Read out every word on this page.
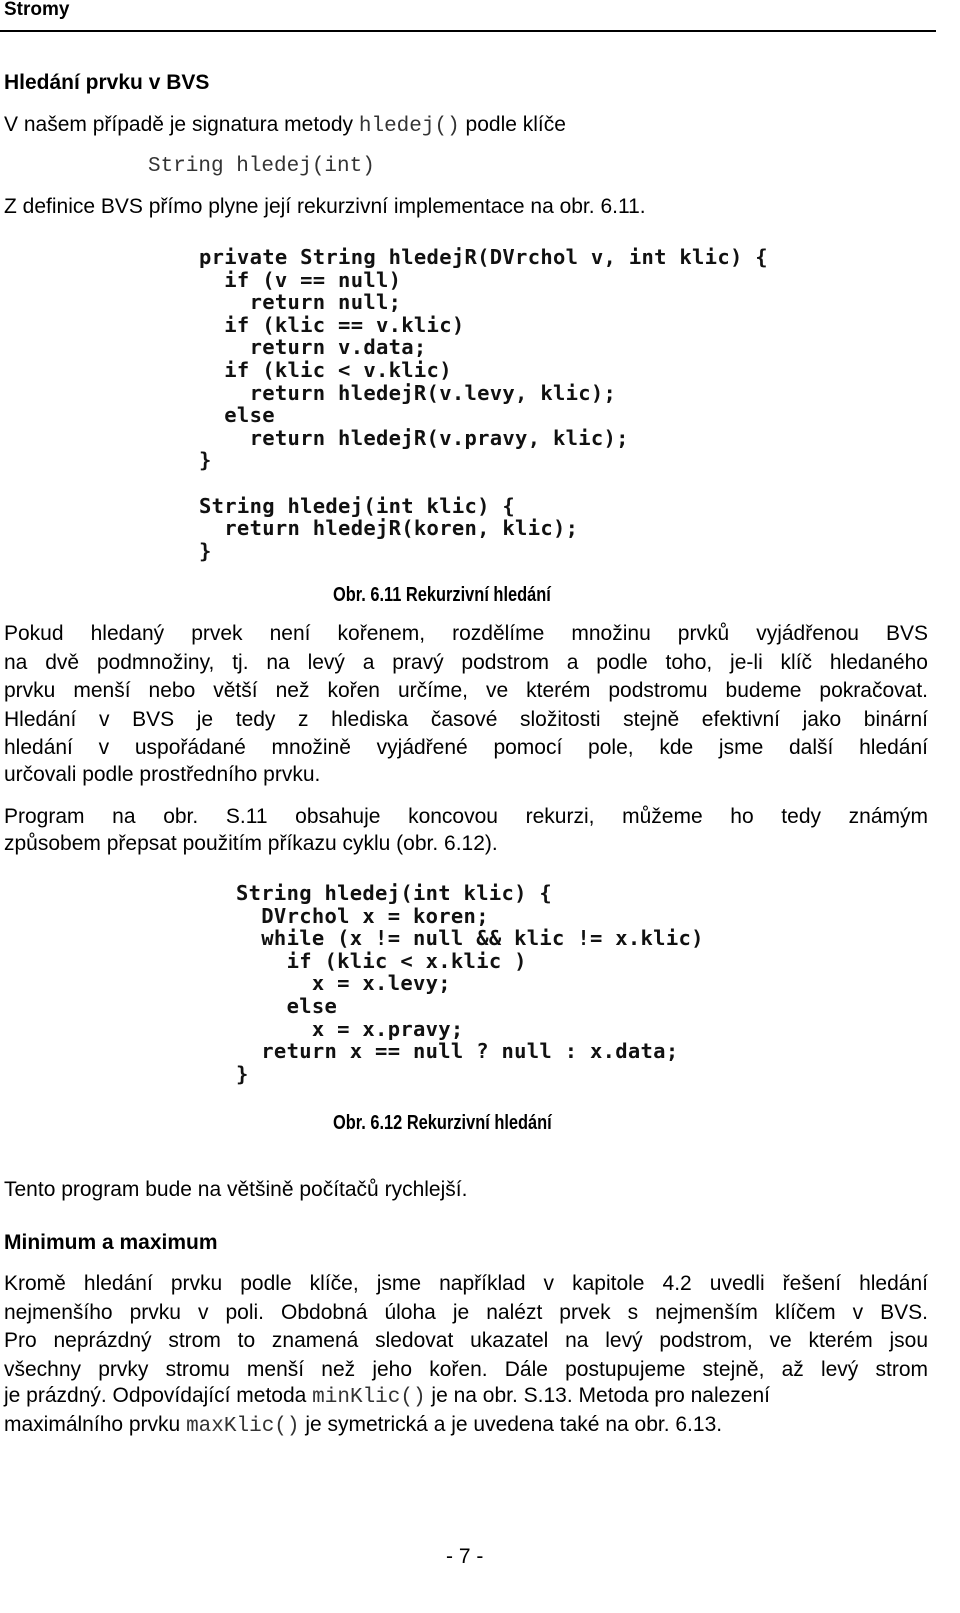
Stromy
Hledání prvku v BVS
V našem případě je signatura metody hledej() podle klíče
String hledej(int)
Z definice BVS přímo plyne její rekurzivní implementace na obr. 6.11.
private String hledejR(DVrchol v, int klic) {
if (v == null)
return null;
if (klic == v.klic)
return v.data;
if (klic < v.klic)
return hledejR(v.levy, klic);
else
return hledejR(v.pravy, klic);
}

String hledej(int klic) {
return hledejR(koren, klic);
}
Obr. 6.11 Rekurzivní hledání
Pokud hledaný prvek není kořenem, rozdělíme množinu prvků vyjádřenou BVS
na dvě podmnožiny, tj. na levý a pravý podstrom a podle toho, je-li klíč hledaného
prvku menší nebo větší než kořen určíme, ve kterém podstromu budeme pokračovat.
Hledání v BVS je tedy z hlediska časové složitosti stejně efektivní jako binární
hledání v uspořádané množině vyjádřené pomocí pole, kde jsme další hledání
určovali podle prostředního prvku.
Program na obr. S.11 obsahuje koncovou rekurzi, můžeme ho tedy známým
způsobem přepsat použitím příkazu cyklu (obr. 6.12).
String hledej(int klic) {
DVrchol x = koren;
while (x != null && klic != x.klic)
if (klic < x.klic )
x = x.levy;
else
x = x.pravy;
return x == null ? null : x.data;
}
Obr. 6.12 Rekurzivní hledání
Tento program bude na většině počítačů rychlejší.
Minimum a maximum
Kromě hledání prvku podle klíče, jsme například v kapitole 4.2 uvedli řešení hledání
nejmenšího prvku v poli. Obdobná úloha je nalézt prvek s nejmenším klíčem v BVS.
Pro neprázdný strom to znamená sledovat ukazatel na levý podstrom, ve kterém jsou
všechny prvky stromu menší než jeho kořen. Dále postupujeme stejně, až levý strom
je prázdný. Odpovídající metoda minKlic() je na obr. S.13. Metoda pro nalezení
maximálního prvku maxKlic() je symetrická a je uvedena také na obr. 6.13.
- 7 -
